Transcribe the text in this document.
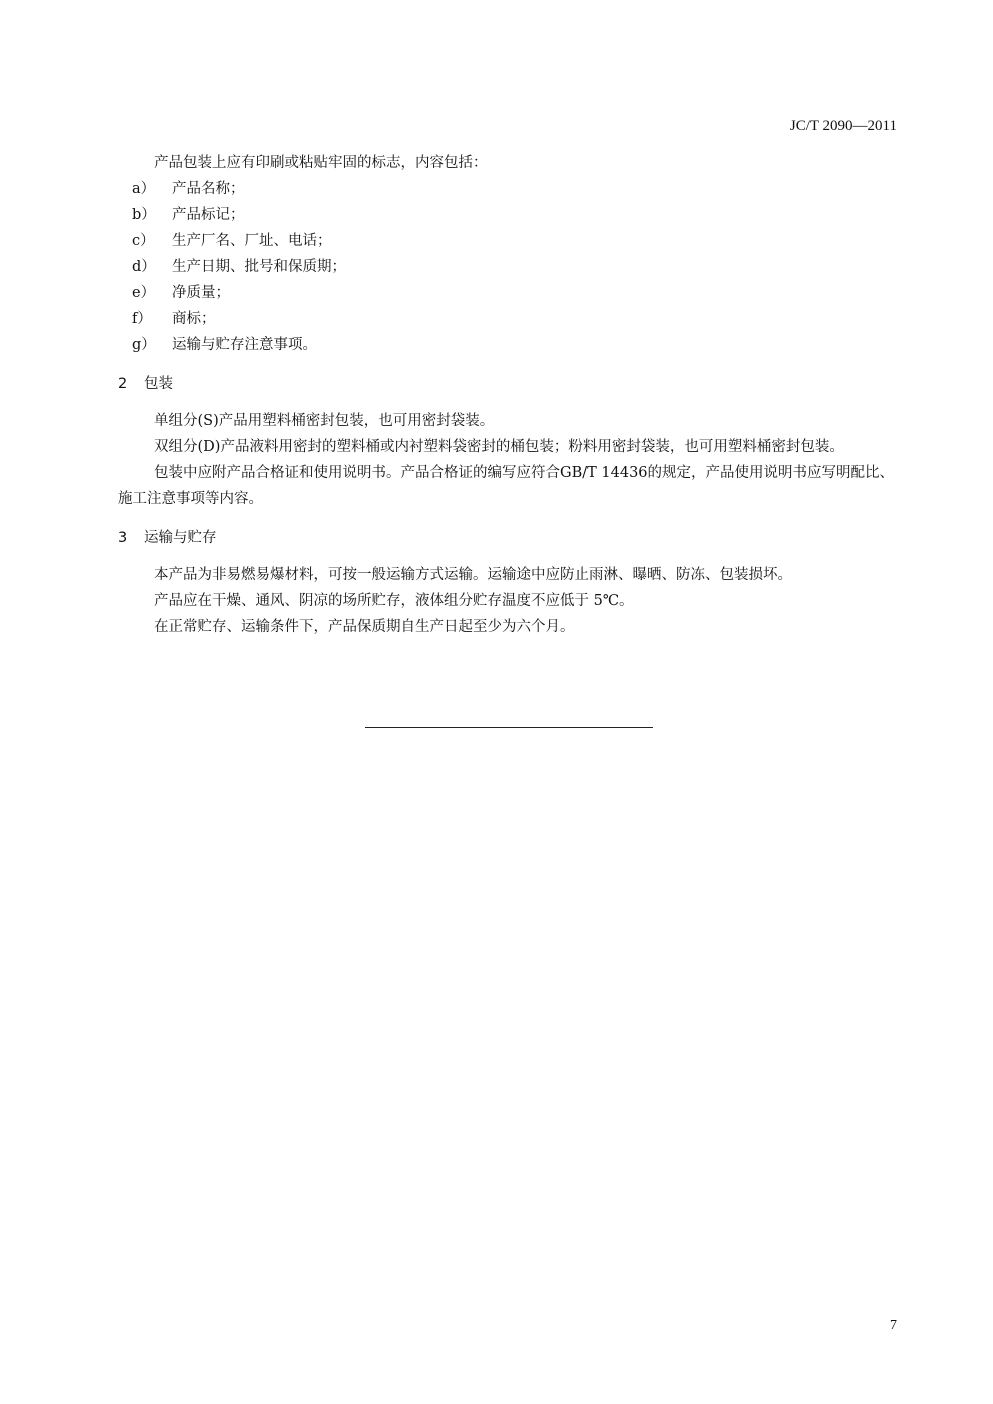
JC/T 2090—2011

产品包装上应有印刷或粘贴牢固的标志，内容包括：

a）	产品名称；
b）	产品标记；
c）	生产厂名、厂址、电话；
d）	生产日期、批号和保质期；
e）	净质量；
f）	商标；
g）	运输与贮存注意事项。
2 包装

单组分(S)产品用塑料桶密封包装，也可用密封袋装。

双组分(D)产品液料用密封的塑料桶或内衬塑料袋密封的桶包装；粉料用密封袋装，也可用塑料桶密封包装。

包装中应附产品合格证和使用说明书。产品合格证的编写应符合GB/T 14436的规定，产品使用说明书应写明配比、施工注意事项等内容。

3 运输与贮存

本产品为非易燃易爆材料，可按一般运输方式运输。运输途中应防止雨淋、曝晒、防冻、包装损坏。

产品应在干燥、通风、阴凉的场所贮存，液体组分贮存温度不应低于 5℃。

在正常贮存、运输条件下，产品保质期自生产日起至少为六个月。

7
